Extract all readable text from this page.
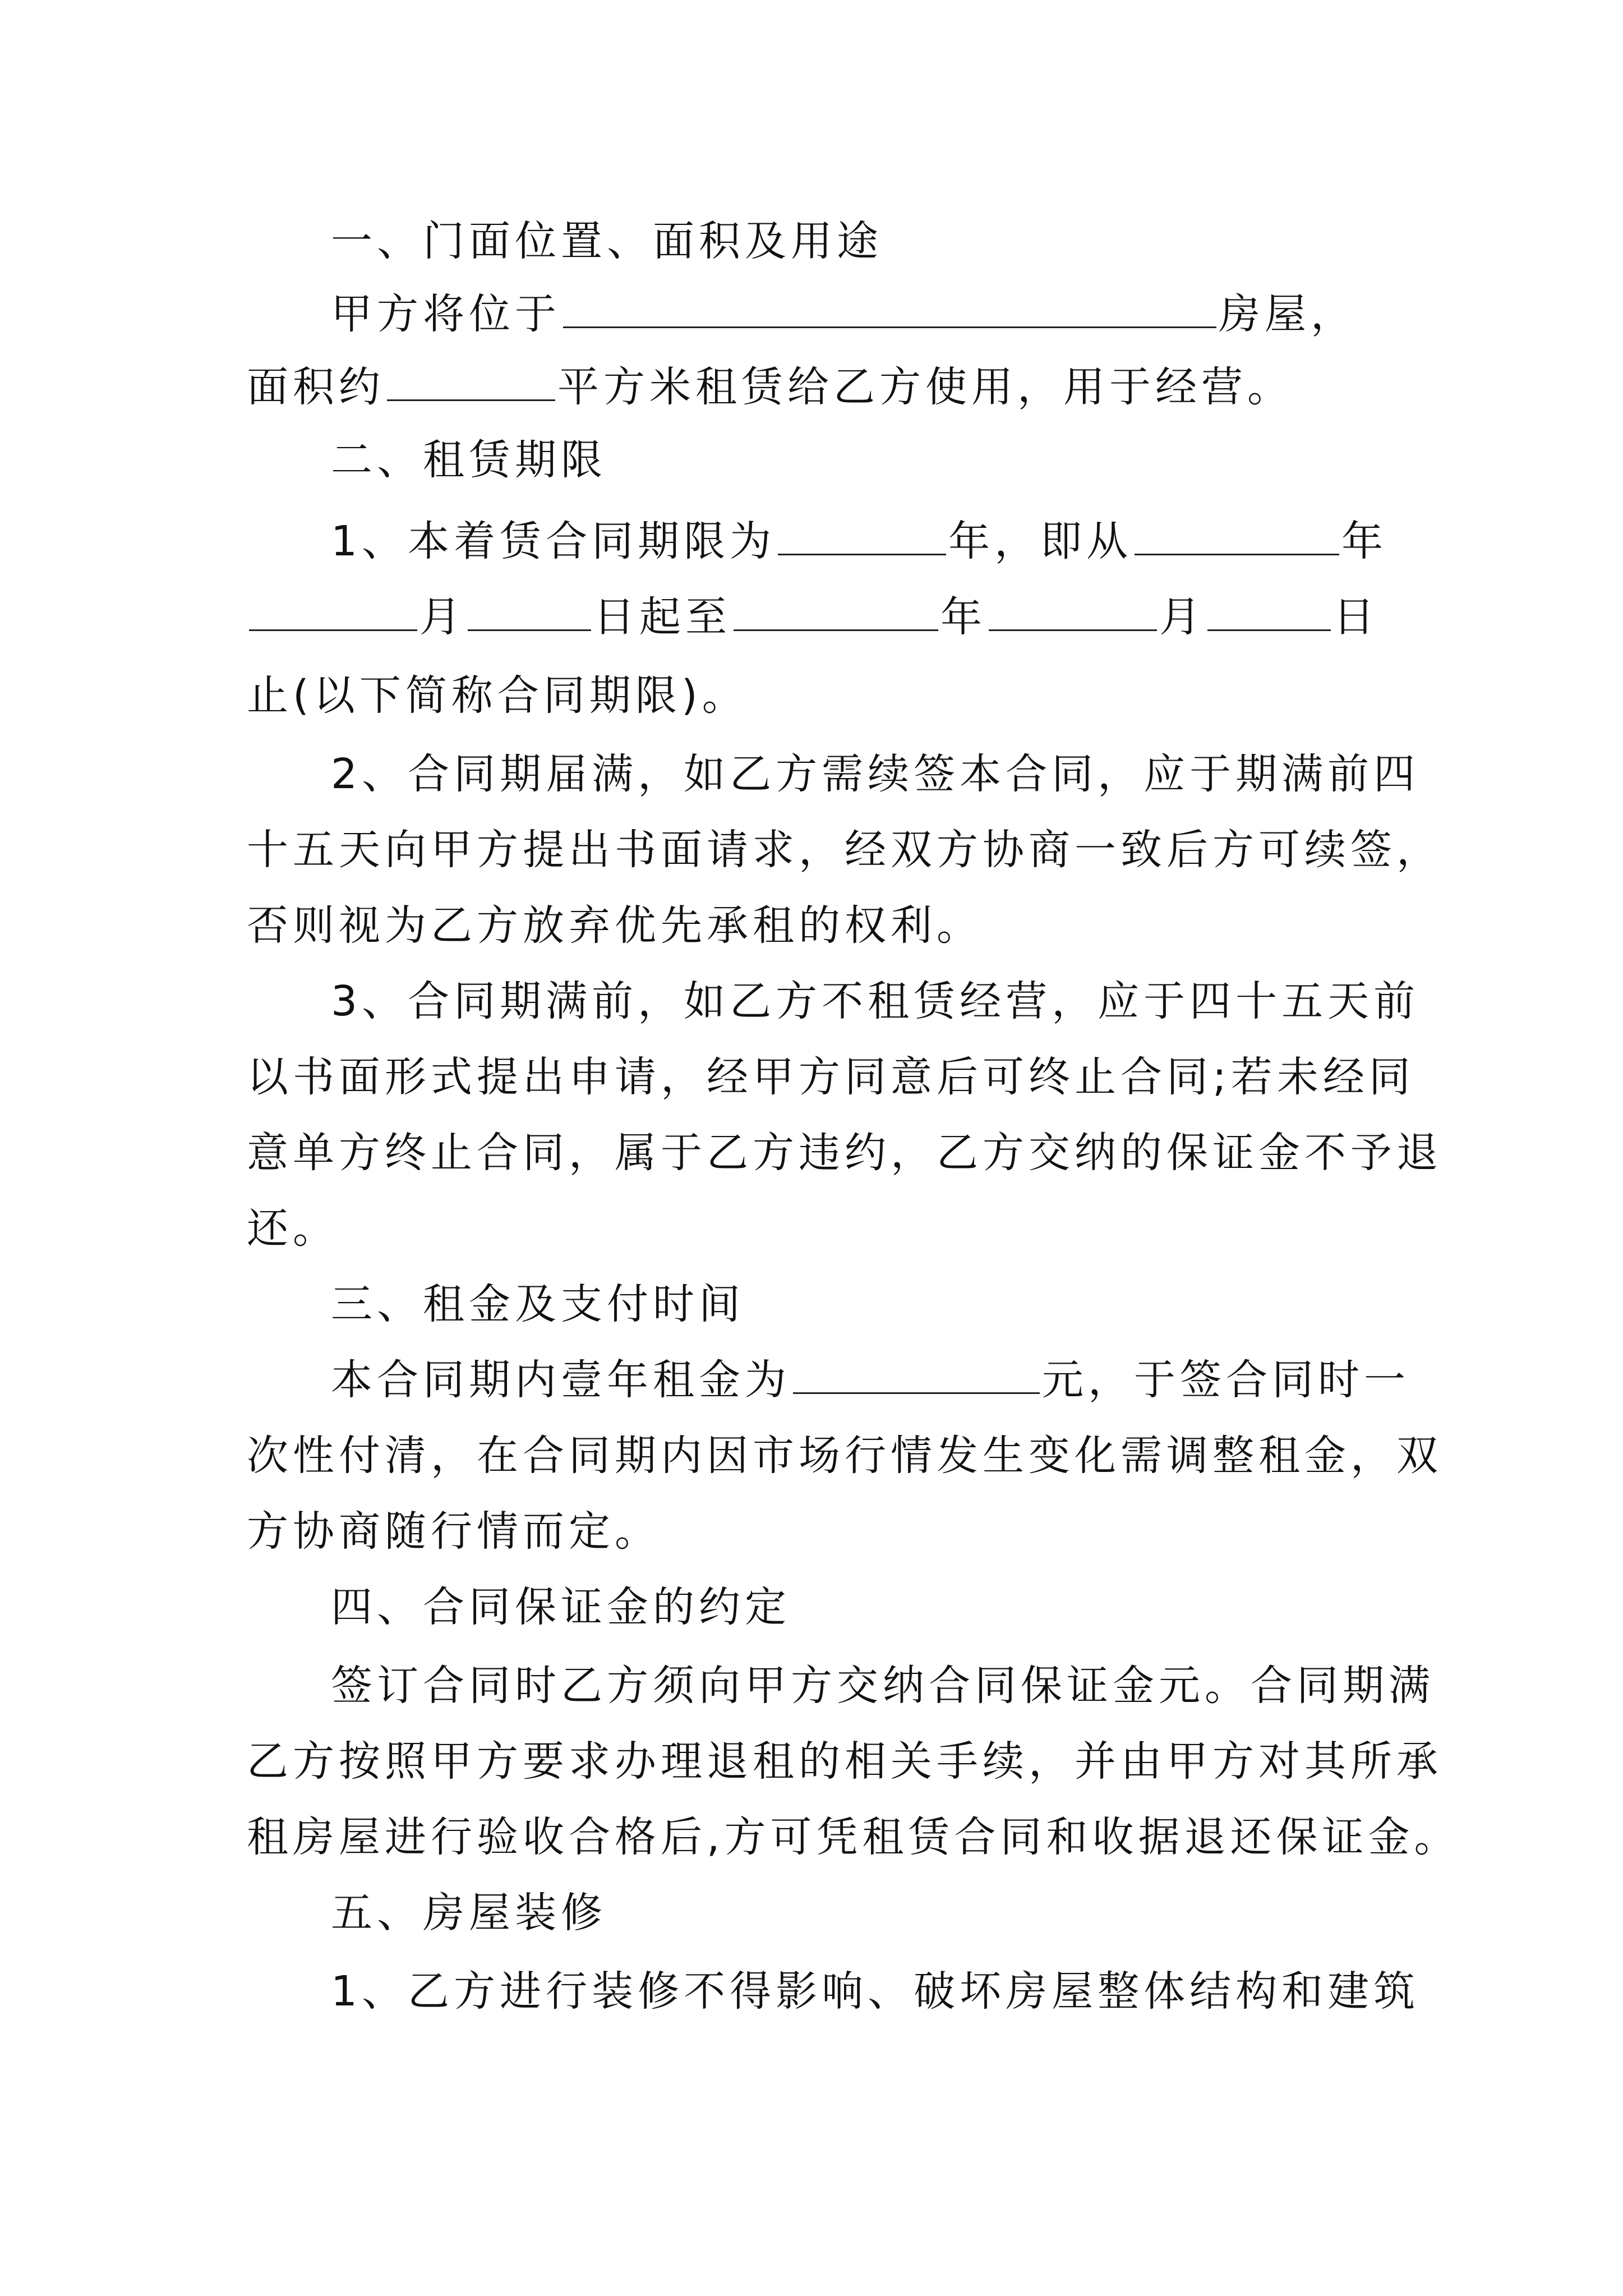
一、门面位置、面积及用途
甲方将位于	房屋，
面积约	平方米租赁给乙方使用，用于经营。
二、租赁期限
1、本着赁合同期限为	年，即从	年
月	日起至	年	月	日
止(以下简称合同期限)。
2、合同期届满，如乙方需续签本合同，应于期满前四
十五天向甲方提出书面请求，经双方协商一致后方可续签，
否则视为乙方放弃优先承租的权利。
3、合同期满前，如乙方不租赁经营，应于四十五天前
以书面形式提出申请，经甲方同意后可终止合同;若未经同
意单方终止合同，属于乙方违约，乙方交纳的保证金不予退
还。
三、租金及支付时间
本合同期内壹年租金为	元，于签合同时一
次性付清，在合同期内因市场行情发生变化需调整租金，双
方协商随行情而定。
四、合同保证金的约定
签订合同时乙方须向甲方交纳合同保证金元。合同期满
乙方按照甲方要求办理退租的相关手续，并由甲方对其所承
租房屋进行验收合格后,方可凭租赁合同和收据退还保证金。
五、房屋装修
1、乙方进行装修不得影响、破坏房屋整体结构和建筑
